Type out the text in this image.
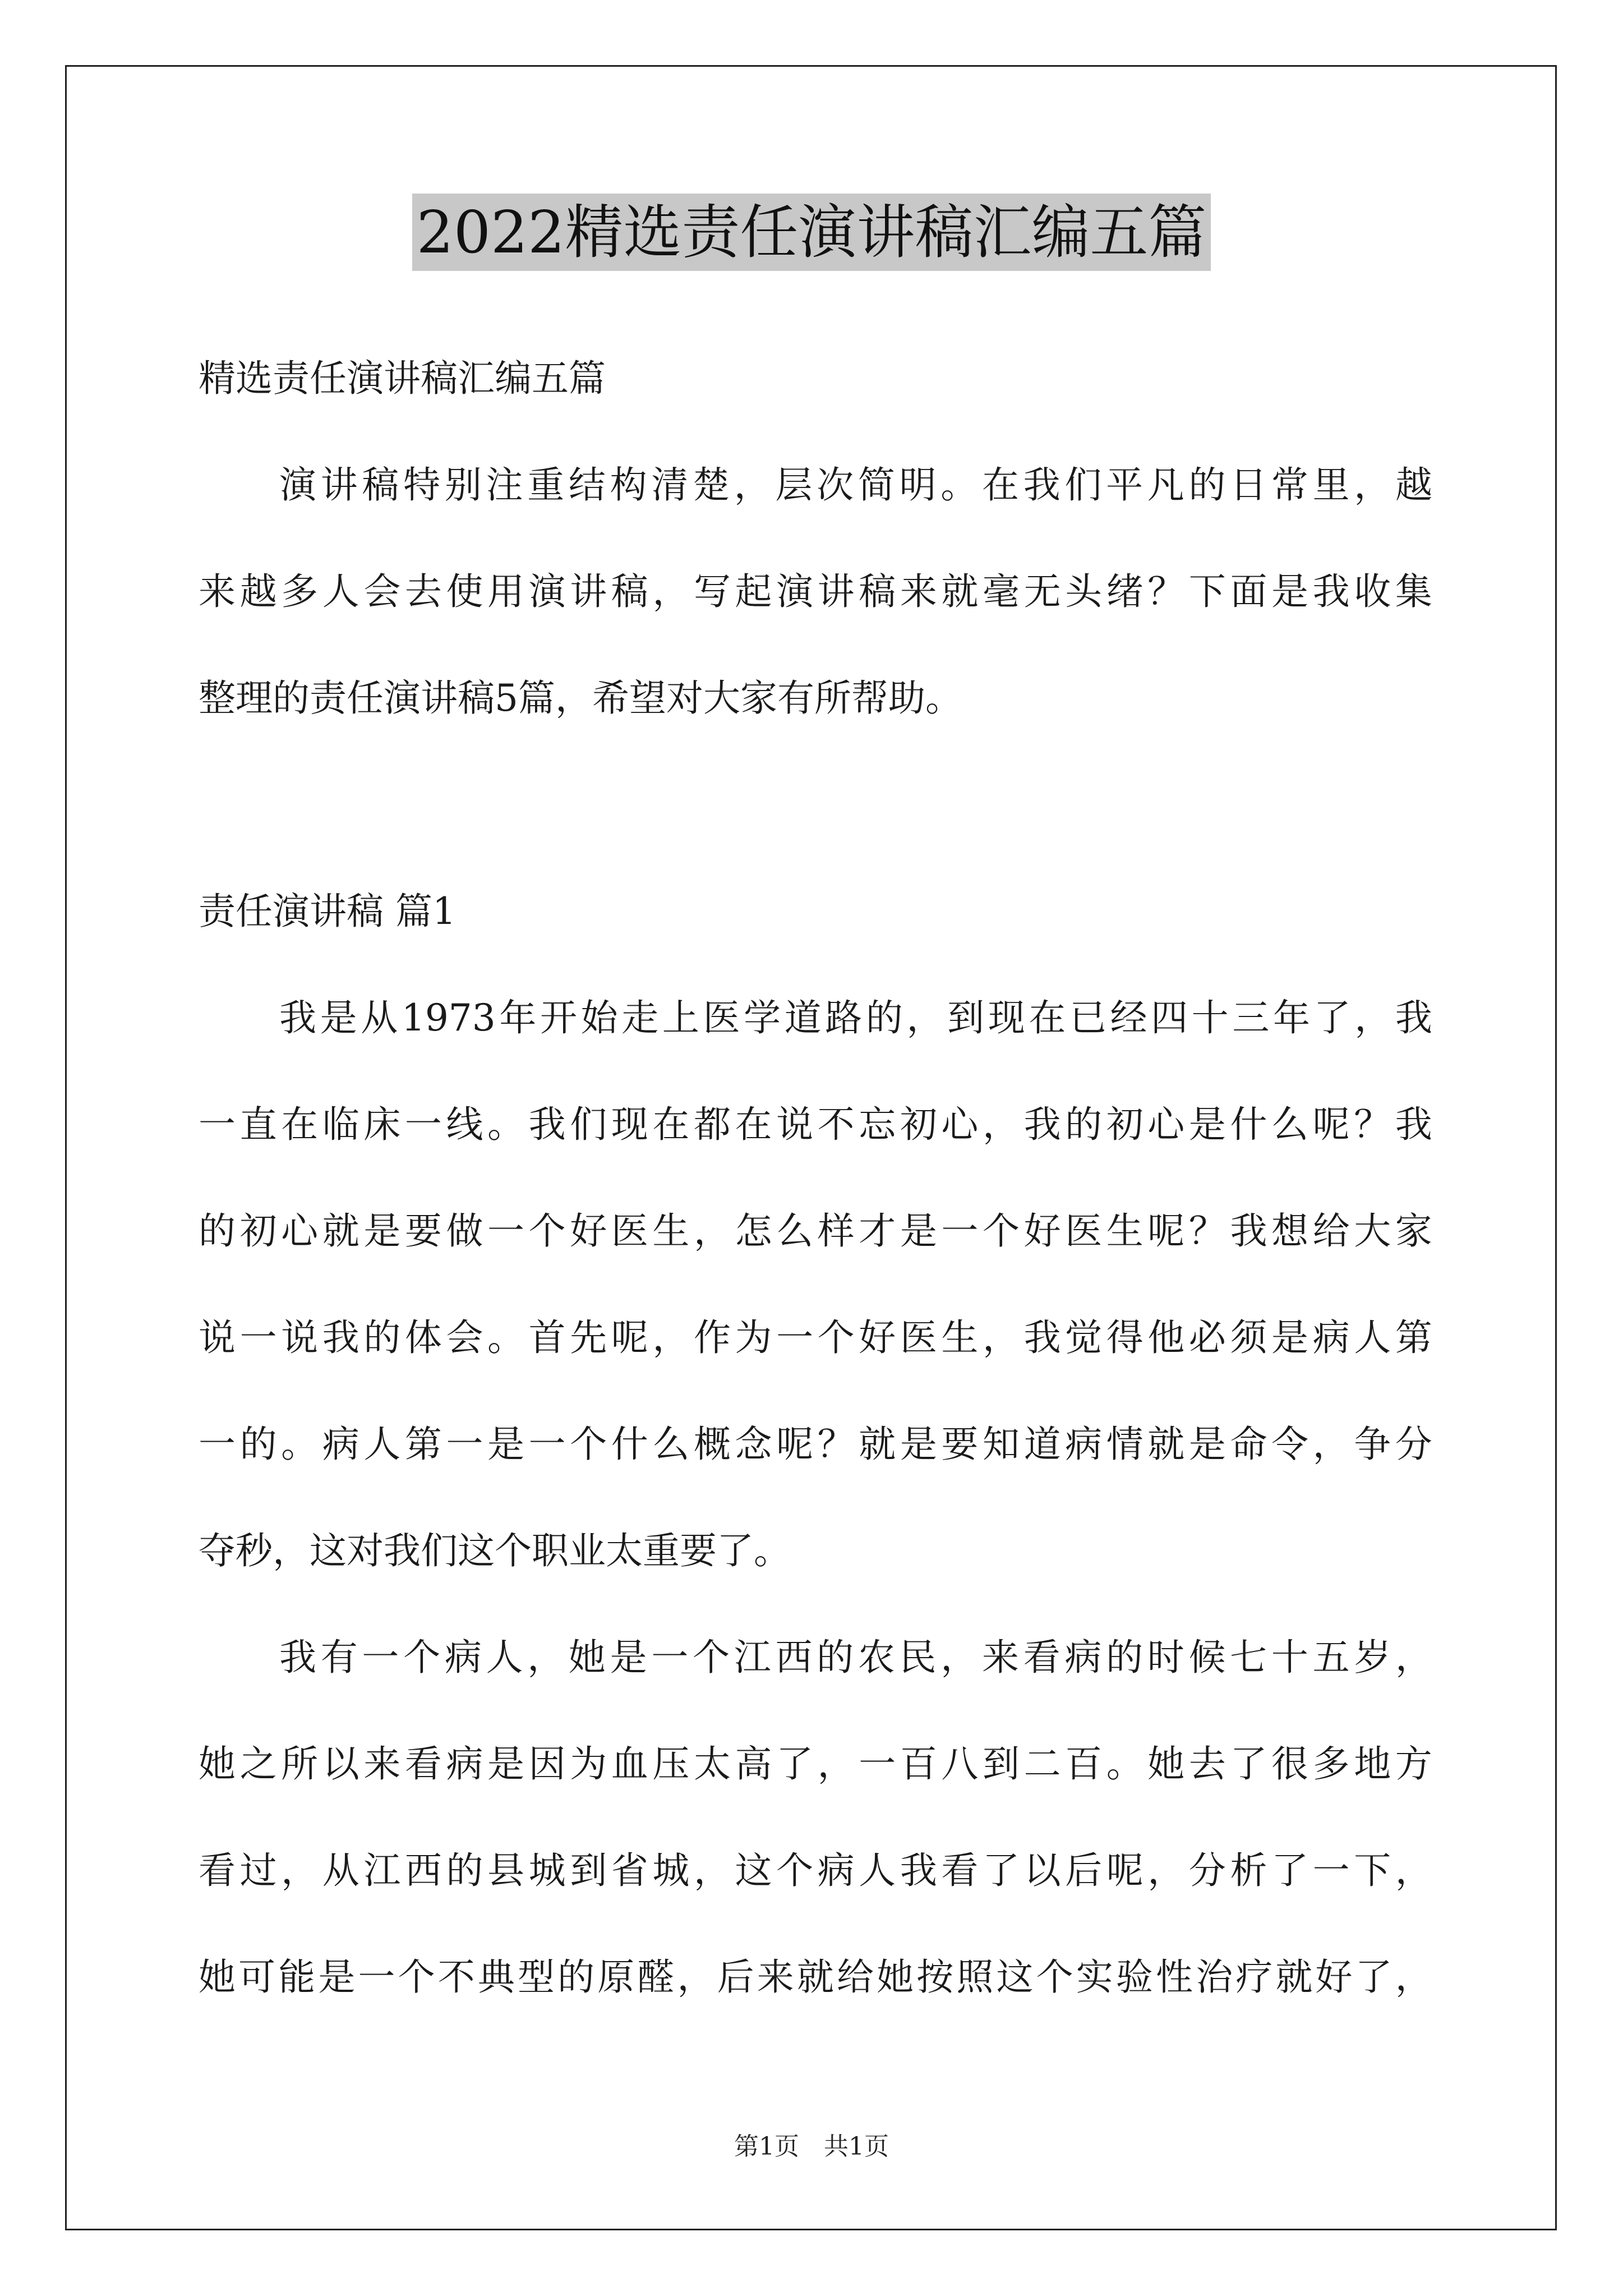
2022精选责任演讲稿汇编五篇
精选责任演讲稿汇编五篇
演 讲 稿 特 别 注 重 结 构 清 楚 ， 层 次 简 明 。 在 我 们 平 凡 的 日 常 里 ， 越
来 越 多 人 会 去 使 用 演 讲 稿 ， 写 起 演 讲 稿 来 就 毫 无 头 绪 ？ 下 面 是 我 收 集
整理的责任演讲稿5篇，希望对大家有所帮助。
责任演讲稿 篇1
我 是 从 1973 年 开 始 走 上 医 学 道 路 的 ， 到 现 在 已 经 四 十 三 年 了 ， 我
一 直 在 临 床 一 线 。 我 们 现 在 都 在 说 不 忘 初 心 ， 我 的 初 心 是 什 么 呢 ？ 我
的 初 心 就 是 要 做 一 个 好 医 生 ， 怎 么 样 才 是 一 个 好 医 生 呢 ？ 我 想 给 大 家
说 一 说 我 的 体 会 。 首 先 呢 ， 作 为 一 个 好 医 生 ， 我 觉 得 他 必 须 是 病 人 第
一 的 。 病 人 第 一 是 一 个 什 么 概 念 呢 ？ 就 是 要 知 道 病 情 就 是 命 令 ， 争 分
夺秒，这对我们这个职业太重要了。
我 有 一 个 病 人 ， 她 是 一 个 江 西 的 农 民 ， 来 看 病 的 时 候 七 十 五 岁 ，
她 之 所 以 来 看 病 是 因 为 血 压 太 高 了 ， 一 百 八 到 二 百 。 她 去 了 很 多 地 方
看 过 ， 从 江 西 的 县 城 到 省 城 ， 这 个 病 人 我 看 了 以 后 呢 ， 分 析 了 一 下 ，
她 可 能 是 一 个 不 典 型 的 原 醛 ， 后 来 就 给 她 按 照 这 个 实 验 性 治 疗 就 好 了 ，
第1页　共1页
